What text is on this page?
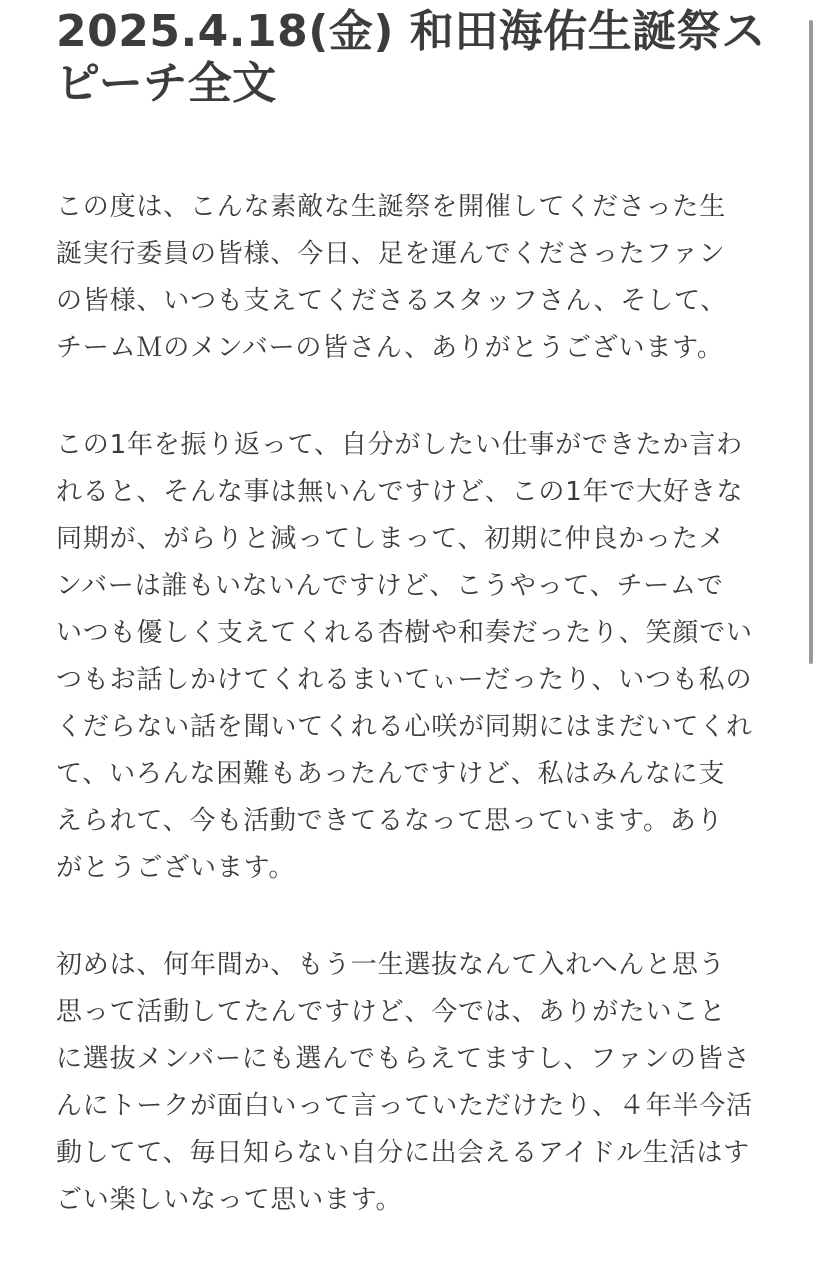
2025.4.18(金) 和田海佑生誕祭ス
ピーチ全文

この度は、こんな素敵な生誕祭を開催してくださった生
誕実行委員の皆様、今日、足を運んでくださったファン
の皆様、いつも支えてくださるスタッフさん、そして、
チームＭのメンバーの皆さん、ありがとうございます。

この1年を振り返って、自分がしたい仕事ができたか言わ
れると、そんな事は無いんですけど、この1年で大好きな
同期が、がらりと減ってしまって、初期に仲良かったメ
ンバーは誰もいないんですけど、こうやって、チームで
いつも優しく支えてくれる杏樹や和奏だったり、笑顔でい
つもお話しかけてくれるまいてぃーだったり、いつも私の
くだらない話を聞いてくれる心咲が同期にはまだいてくれ
て、いろんな困難もあったんですけど、私はみんなに支
えられて、今も活動できてるなって思っています。あり
がとうございます。

初めは、何年間か、もう一生選抜なんて入れへんと思う
思って活動してたんですけど、今では、ありがたいこと
に選抜メンバーにも選んでもらえてますし、ファンの皆さ
んにトークが面白いって言っていただけたり、４年半今活
動してて、毎日知らない自分に出会えるアイドル生活はす
ごい楽しいなって思います。
